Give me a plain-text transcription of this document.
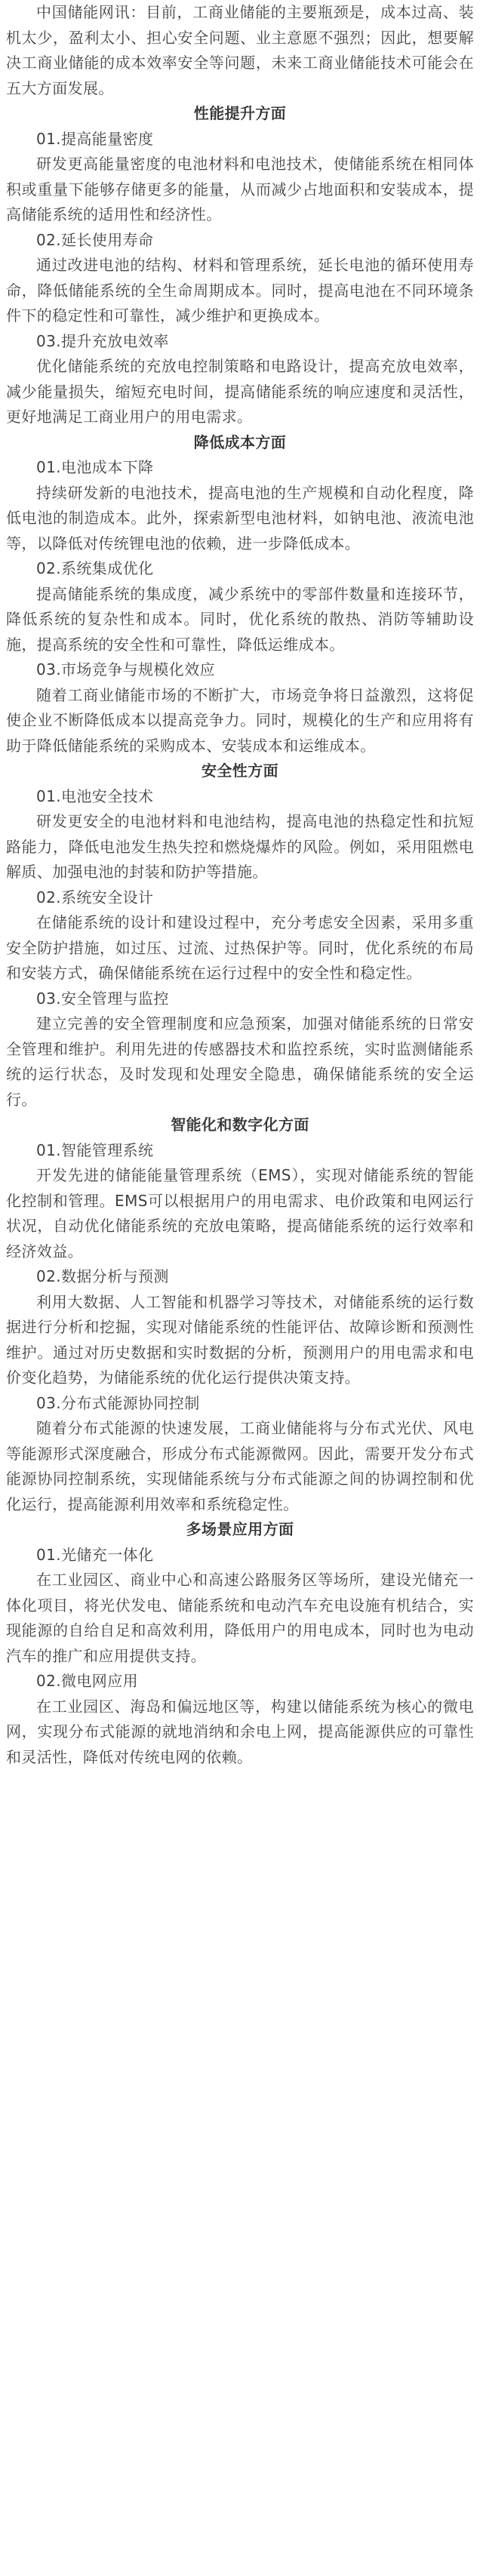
中国储能网讯：目前，工商业储能的主要瓶颈是，成本过高、装机太少，盈利太小、担心安全问题、业主意愿不强烈；因此，想要解决工商业储能的成本效率安全等问题，未来工商业储能技术可能会在五大方面发展。

性能提升方面

01.提高能量密度

研发更高能量密度的电池材料和电池技术，使储能系统在相同体积或重量下能够存储更多的能量，从而减少占地面积和安装成本，提高储能系统的适用性和经济性。

02.延长使用寿命

通过改进电池的结构、材料和管理系统，延长电池的循环使用寿命，降低储能系统的全生命周期成本。同时，提高电池在不同环境条件下的稳定性和可靠性，减少维护和更换成本。

03.提升充放电效率

优化储能系统的充放电控制策略和电路设计，提高充放电效率，减少能量损失，缩短充电时间，提高储能系统的响应速度和灵活性，更好地满足工商业用户的用电需求。

降低成本方面

01.电池成本下降

持续研发新的电池技术，提高电池的生产规模和自动化程度，降低电池的制造成本。此外，探索新型电池材料，如钠电池、液流电池等，以降低对传统锂电池的依赖，进一步降低成本。

02.系统集成优化

提高储能系统的集成度，减少系统中的零部件数量和连接环节，降低系统的复杂性和成本。同时，优化系统的散热、消防等辅助设施，提高系统的安全性和可靠性，降低运维成本。

03.市场竞争与规模化效应

随着工商业储能市场的不断扩大，市场竞争将日益激烈，这将促使企业不断降低成本以提高竞争力。同时，规模化的生产和应用将有助于降低储能系统的采购成本、安装成本和运维成本。

安全性方面

01.电池安全技术

研发更安全的电池材料和电池结构，提高电池的热稳定性和抗短路能力，降低电池发生热失控和燃烧爆炸的风险。例如，采用阻燃电解质、加强电池的封装和防护等措施。

02.系统安全设计

在储能系统的设计和建设过程中，充分考虑安全因素，采用多重安全防护措施，如过压、过流、过热保护等。同时，优化系统的布局和安装方式，确保储能系统在运行过程中的安全性和稳定性。

03.安全管理与监控

建立完善的安全管理制度和应急预案，加强对储能系统的日常安全管理和维护。利用先进的传感器技术和监控系统，实时监测储能系统的运行状态，及时发现和处理安全隐患，确保储能系统的安全运行。

智能化和数字化方面

01.智能管理系统

开发先进的储能能量管理系统（EMS），实现对储能系统的智能化控制和管理。EMS可以根据用户的用电需求、电价政策和电网运行状况，自动优化储能系统的充放电策略，提高储能系统的运行效率和经济效益。

02.数据分析与预测

利用大数据、人工智能和机器学习等技术，对储能系统的运行数据进行分析和挖掘，实现对储能系统的性能评估、故障诊断和预测性维护。通过对历史数据和实时数据的分析，预测用户的用电需求和电价变化趋势，为储能系统的优化运行提供决策支持。

03.分布式能源协同控制

随着分布式能源的快速发展，工商业储能将与分布式光伏、风电等能源形式深度融合，形成分布式能源微网。因此，需要开发分布式能源协同控制系统，实现储能系统与分布式能源之间的协调控制和优化运行，提高能源利用效率和系统稳定性。

多场景应用方面

01.光储充一体化

在工业园区、商业中心和高速公路服务区等场所，建设光储充一体化项目，将光伏发电、储能系统和电动汽车充电设施有机结合，实现能源的自给自足和高效利用，降低用户的用电成本，同时也为电动汽车的推广和应用提供支持。

02.微电网应用

在工业园区、海岛和偏远地区等，构建以储能系统为核心的微电网，实现分布式能源的就地消纳和余电上网，提高能源供应的可靠性和灵活性，降低对传统电网的依赖。
